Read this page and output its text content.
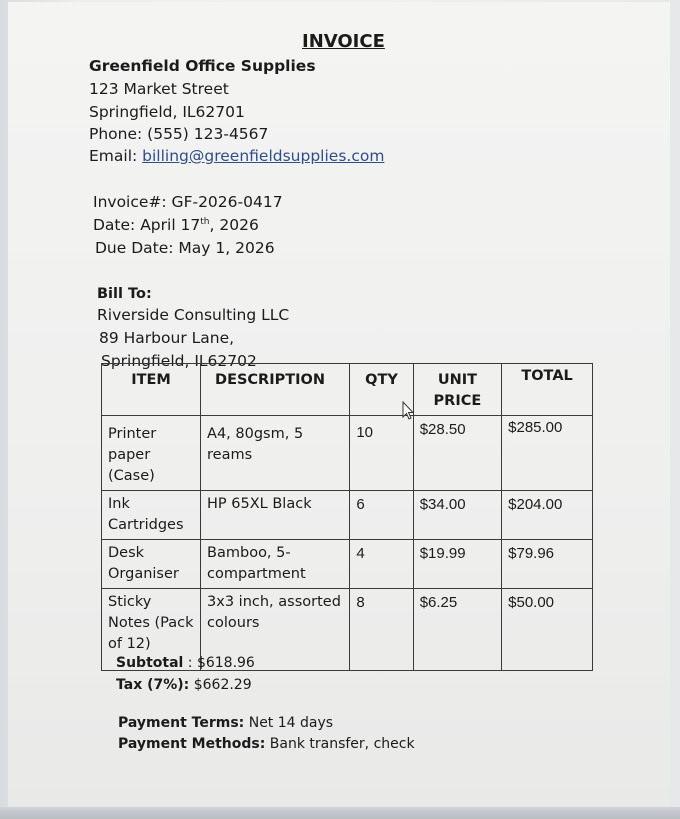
INVOICE
Greenfield Office Supplies
123 Market Street
Springfield, IL62701
Phone: (555) 123-4567
Email: billing@greenfieldsupplies.com
Invoice#: GF-2026-0417
Date: April 17th, 2026
Due Date: May 1, 2026
Bill To:
Riverside Consulting LLC
89 Harbour Lane,
Springfield, IL62702
ITEM	DESCRIPTION	QTY	UNIT PRICE	TOTAL
Printer paper (Case)	A4, 80gsm, 5 reams	10	$28.50	$285.00
Ink Cartridges	HP 65XL Black	6	$34.00	$204.00
Desk Organiser	Bamboo, 5-compartment	4	$19.99	$79.96
Sticky Notes (Pack of 12)	3x3 inch, assorted colours	8	$6.25	$50.00
Subtotal : $618.96
Tax (7%): $662.29
Payment Terms: Net 14 days
Payment Methods: Bank transfer, check
